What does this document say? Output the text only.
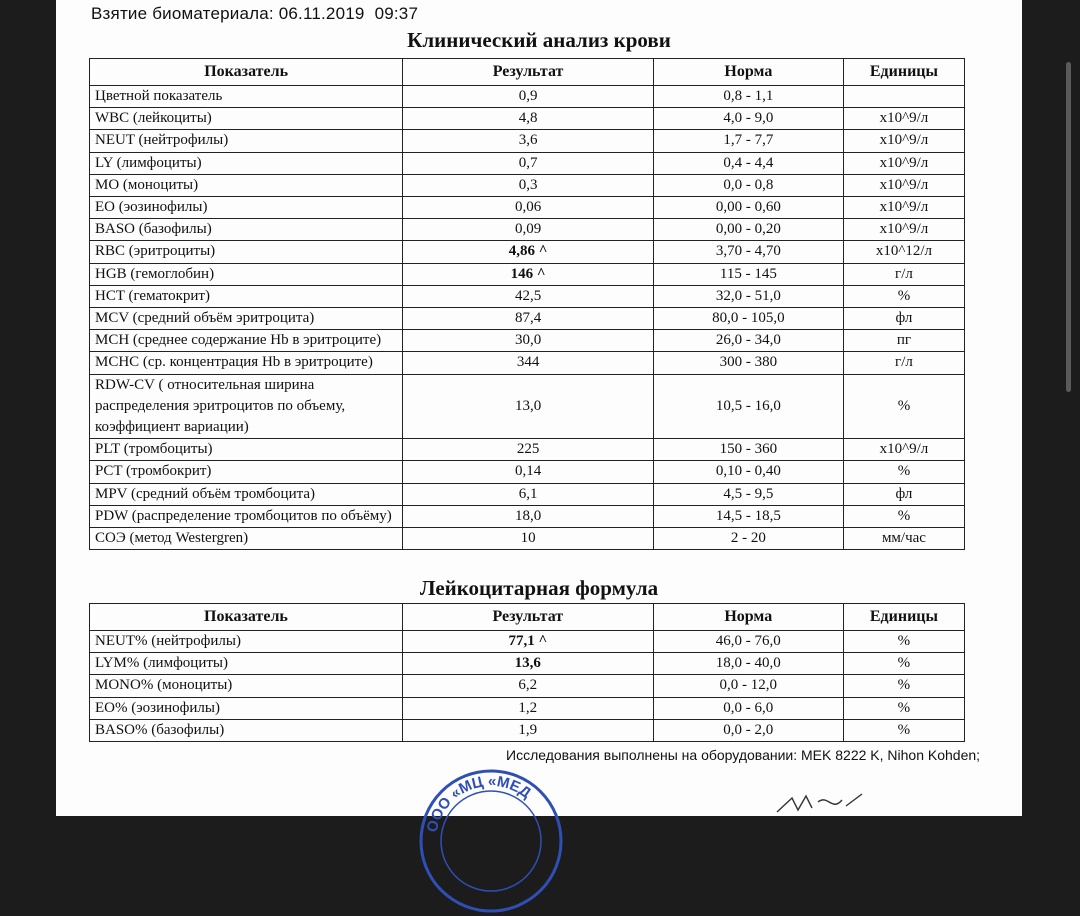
Взятие биоматериала: 06.11.2019 09:37
Клинический анализ крови
Показатель	Результат	Норма	Единицы
Цветной показатель	0,9	0,8 - 1,1	
WBC (лейкоциты)	4,8	4,0 - 9,0	x10^9/л
NEUT (нейтрофилы)	3,6	1,7 - 7,7	x10^9/л
LY (лимфоциты)	0,7	0,4 - 4,4	x10^9/л
MO (моноциты)	0,3	0,0 - 0,8	x10^9/л
EO (эозинофилы)	0,06	0,00 - 0,60	x10^9/л
BASO (базофилы)	0,09	0,00 - 0,20	x10^9/л
RBC (эритроциты)	4,86 ^	3,70 - 4,70	x10^12/л
HGB (гемоглобин)	146 ^	115 - 145	г/л
HCT (гематокрит)	42,5	32,0 - 51,0	%
MCV (средний объём эритроцита)	87,4	80,0 - 105,0	фл
MCH (среднее содержание Hb в эритроците)	30,0	26,0 - 34,0	пг
MCHC (ср. концентрация Hb в эритроците)	344	300 - 380	г/л
RDW-CV ( относительная ширина распределения эритроцитов по объему, коэффициент вариации)	13,0	10,5 - 16,0	%
PLT (тромбоциты)	225	150 - 360	x10^9/л
PCT (тромбокрит)	0,14	0,10 - 0,40	%
MPV (средний объём тромбоцита)	6,1	4,5 - 9,5	фл
PDW (распределение тромбоцитов по объёму)	18,0	14,5 - 18,5	%
СОЭ (метод Westergren)	10	2 - 20	мм/час
Лейкоцитарная формула
Показатель	Результат	Норма	Единицы
NEUT% (нейтрофилы)	77,1 ^	46,0 - 76,0	%
LYM% (лимфоциты)	13,6	18,0 - 40,0	%
MONO% (моноциты)	6,2	0,0 - 12,0	%
EO% (эозинофилы)	1,2	0,0 - 6,0	%
BASO% (базофилы)	1,9	0,0 - 2,0	%
Исследования выполнены на оборудовании: MEK 8222 K, Nihon Kohden;
ООО «МЦ «МЕД
